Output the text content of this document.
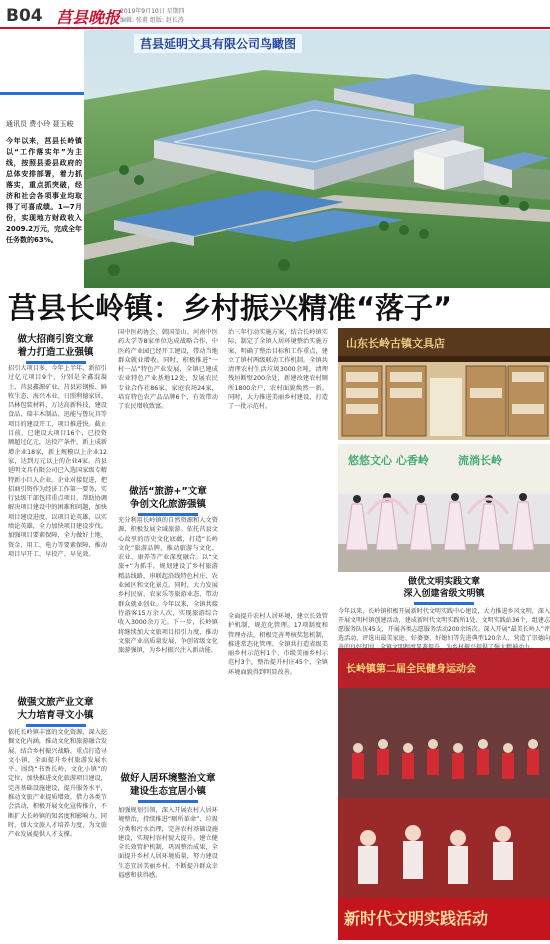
B04 莒县晚报 2019年9月10日 星期四
编辑: 张甫 组版: 赵长涛
莒县延明文具有限公司鸟瞰图
通讯员 费小玲 聂玉峻
今年以来，莒县长岭镇以“工作落实年”为主线，按照县委县政府的总体安排部署，着力抓落实，重点抓突破，经济和社会各项事业均取得了可喜成绩。1—7月份，实现地方财政收入2009.2万元，完成全年任务数的63%。
莒县长岭镇：乡村振兴精准“落子”
做大招商引资文章
着力打造工业强镇
招引大项目多，今年上半年，新招引过亿元项目9个，分别是全鑫混凝土、莒县鑫源矿业、莒县彩钢板、鲜牧生态、海兴木业、日照利德家居、昌林包装材料，万达高新科技，建设食品、瑞丰木制品、迅能与鲁玩具等项目的建设开工，项目推进快。截止目前，已建设大项目16个，已投资额超过亿元，达投产条件，新上成新增企业18家，新上规模以上企业12家，达到万元以上的企业4家。莒县延明文具有限公司已入选国家级专精特新小巨人企业。企业对接促进，把招商引资作为经济工作第一要务，实行县级干部包挂重点项目，帮助协调解决项目建设中的困难和问题，加快项目建设进度，以项目论英雄、以实绩论英雄，全力加快项目建设步伐。加强项目要素保障，全力做好土地、资金、用工、电力等要素保障，推动项目早开工、早投产、早见效。
做强文旅产业文章
大力培育寻文小镇
依托长岭镇丰富的文化资源，深入挖掘文化内涵，推动文化和旅游融合发展。结合乡村振兴战略，重点打造寻文小镇，全面提升乡村旅游发展水平。围绕“书香长岭、文化小镇”的定位，加快推进文化旅游项目建设，完善基础设施建设，提升服务水平，推动文旅产业提质增效。借力各类节会活动，积极开展文化宣传推介，不断扩大长岭镇的知名度和影响力。同时，加大文旅人才培养力度，为文旅产业发展提供人才支撑。
国中医药协会、韩国釜山、河南中医药大学等8家单位达成战略合作，中医药产业园已经开工建设，带动当地群众就业增收。同时，积极推进“一村一品”特色产业发展，全镇已建成农业特色产业基地12处，发展农民专业合作社86家、家庭农场24家，培育特色农产品品牌6个，有效带动了农民增收致富。
做活“旅游+”文章
争创文化旅游强镇
充分利用长岭镇的自然资源和人文资源，积极发展全域旅游。依托莒县文心故里的历史文化底蕴，打造“长岭文化”旅游品牌，推动旅游与文化、农业、康养等产业深度融合。以“文旅+”为抓手，规划建设了乡村旅游精品线路，串联起沿线特色村庄、农业园区和文化景点。同时，大力发展乡村民宿、农家乐等旅游业态，带动群众就业创业。今年以来，全镇共接待游客15万余人次，实现旅游综合收入3000余万元。下一步，长岭镇将继续加大文旅项目招引力度，推动文旅产业高质量发展，争创省级文化旅游强镇，为乡村振兴注入新动能。
做好人居环境整治文章
建设生态宜居小镇
加强规划引领，深入开展农村人居环境整治，持续推进“厕所革命”、垃圾分类和污水治理，完善农村基础设施建设，实现村容村貌大提升。建立健全长效管护机制，巩固整治成果，全面提升乡村人居环境质量，努力建设生态宜居美丽乡村，不断提升群众幸福感和获得感。
治三年行动实施方案，结合长岭镇实际，制定了全镇人居环境整治实施方案，明确了整治目标和工作重点，建立了镇村两级联动工作机制。全镇共清理农村生活垃圾3000余吨，清理残垣断壁200余处，新建改建农村厕所1800余户，农村面貌焕然一新。同时，大力推进美丽乡村建设，打造了一批示范村。
山东长岭古镇文具店
悠悠文心 心香岭	流淌长岭
全面提升农村人居环境，建立长效管护机制，规范化管理。17项制度和管理办法，积极完善考核奖惩机制，推进常态化管理。全镇共打造省级美丽乡村示范村1个、市级美丽乡村示范村3个，整治提升村庄45个，全镇环境面貌得到明显改善。	长岭镇第二届全民健身运动会
新时代文明实践活动
做优文明实践文章
深入创建省级文明镇
今年以来，长岭镇积极开展新时代文明实践中心建设，大力推进乡风文明，深入开展文明村镇创建活动，建成新时代文明实践所1处、文明实践站36个，组建志愿服务队伍45支，开展各类志愿服务活动200余场次。深入开展“最美长岭人”评选活动，评选出最美家庭、好婆婆、好媳妇等先进典型120余人，营造了崇德向善的良好氛围，全镇文明程度显著提升，为乡村振兴提供了强大精神动力。
